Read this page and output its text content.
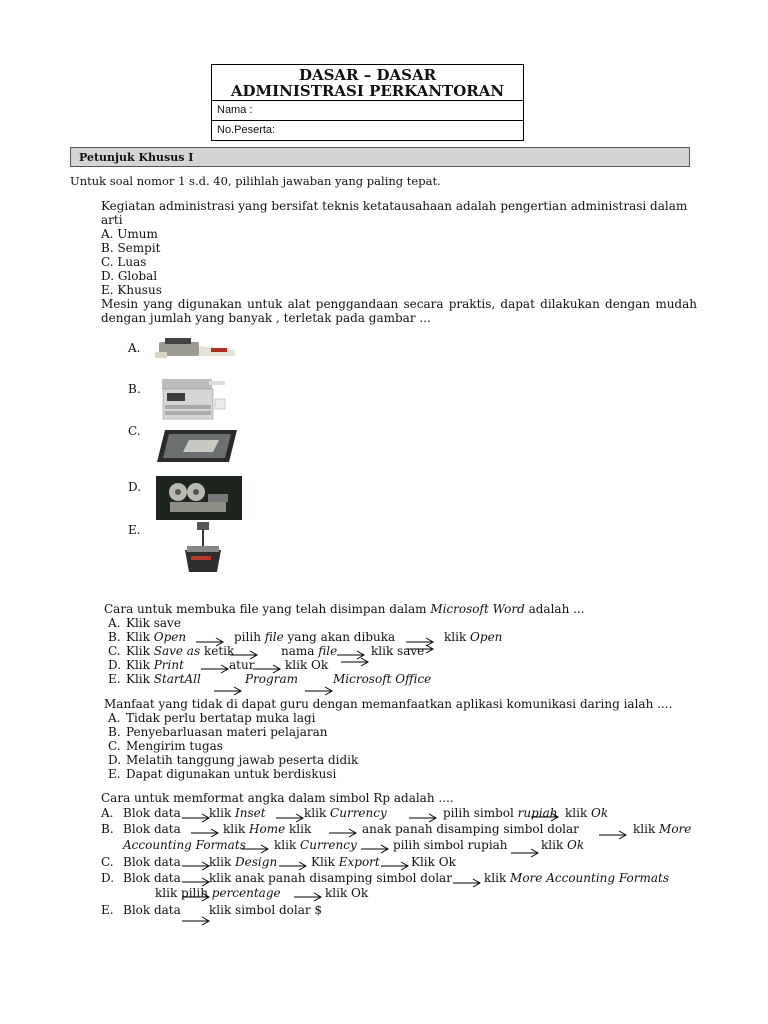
DASAR – DASAR
ADMINISTRASI PERKANTORAN
Nama :
No.Peserta:
Petunjuk Khusus I
Untuk soal nomor 1 s.d. 40, pilihlah jawaban yang paling tepat.

Kegiatan administrasi yang bersifat teknis ketatausahaan adalah pengertian administrasi dalam arti

A. Umum
B. Sempit
C. Luas
D. Global
E. Khusus

Mesin yang digunakan untuk alat penggandaan secara praktis, dapat dilakukan dengan mudah

dengan jumlah yang banyak , terletak pada gambar ...

A.
B.
C.
D.
E.

Cara untuk membuka file yang telah disimpan dalam Microsoft Word adalah ...

A. Klik save
B. Klik Open	pilih file yang akan dibuka	klik Open
C. Klik Save as ketik	nama file	klik save
D. Klik Print	atur	klik Ok
E. Klik StartAll	Program	Microsoft Office

Manfaat yang tidak di dapat guru dengan memanfaatkan aplikasi komunikasi daring ialah ....

A. Tidak perlu bertatap muka lagi
B. Penyebarluasan materi pelajaran
C. Mengirim tugas
D. Melatih tanggung jawab peserta didik
E. Dapat digunakan untuk berdiskusi

Cara untuk memformat angka dalam simbol Rp adalah ....

A. Blok data klik Inset	klik Currency	pilih simbol rupiah klik Ok
B. Blok data	klik Home klik	anak panah disamping simbol dolar	klik More
Accounting Formats klik Currency	pilih simbol rupiah	klik Ok
C. Blok data klik Design	Klik Export	Klik Ok
D. Blok data klik anak panah disamping simbol dolar	klik More Accounting Formats
klik pilih percentage	klik Ok
E. Blok data klik simbol dolar $
